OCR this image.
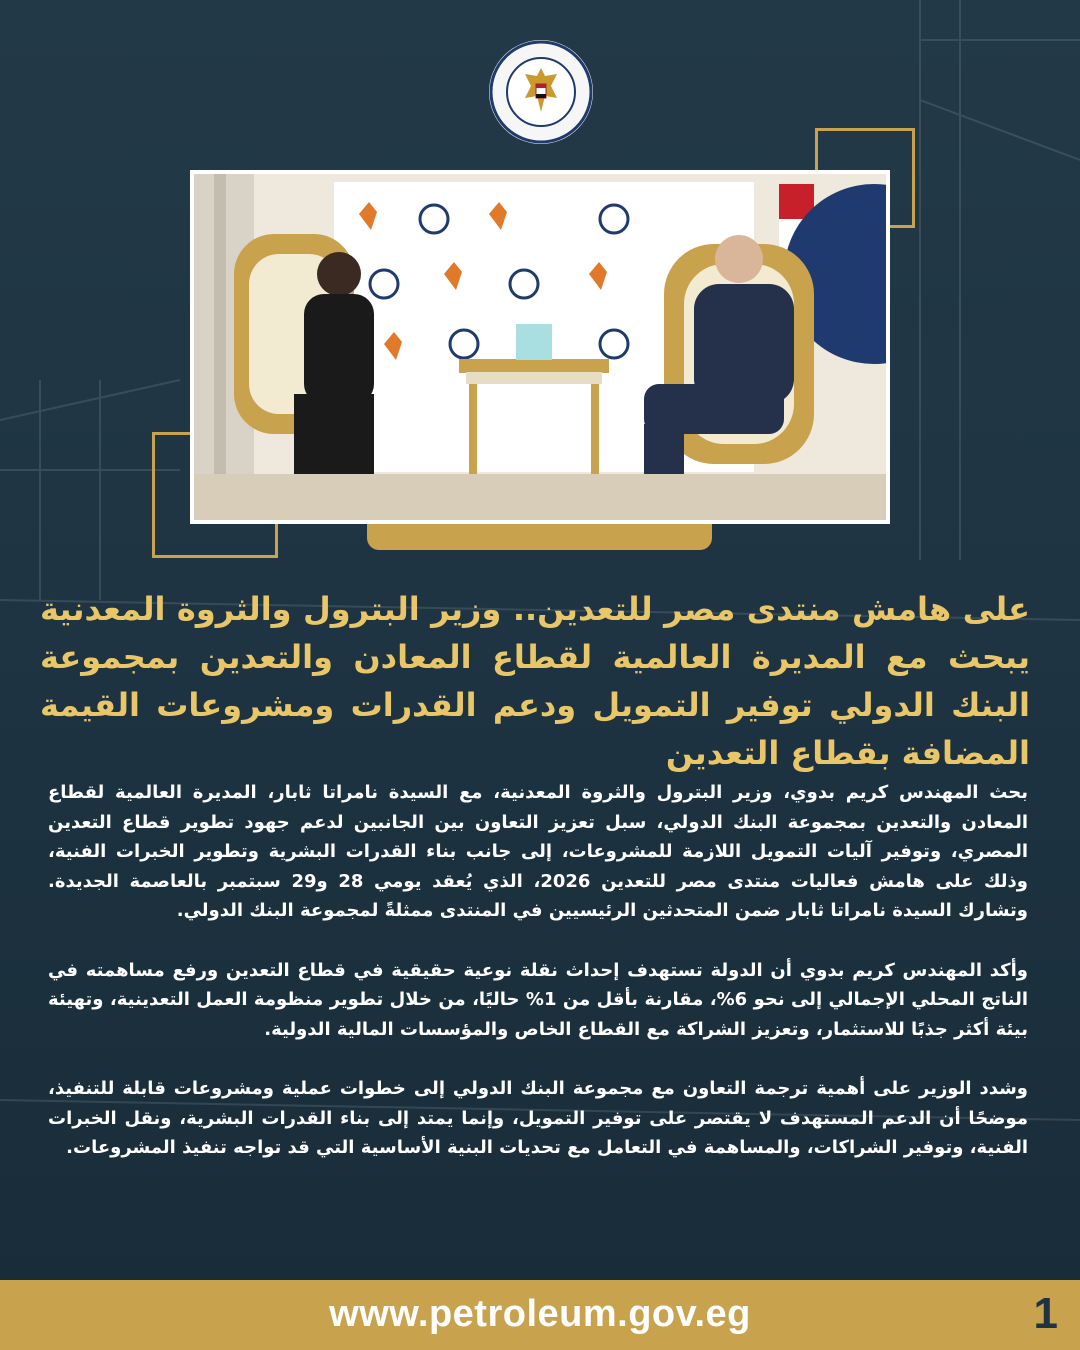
على هامش منتدى مصر للتعدين.. وزير البترول والثروة المعدنية يبحث مع المديرة العالمية لقطاع المعادن والتعدين بمجموعة البنك الدولي توفير التمويل ودعم القدرات ومشروعات القيمة المضافة بقطاع التعدين

بحث المهندس كريم بدوي، وزير البترول والثروة المعدنية، مع السيدة نامراتا ثابار، المديرة العالمية لقطاع المعادن والتعدين بمجموعة البنك الدولي، سبل تعزيز التعاون بين الجانبين لدعم جهود تطوير قطاع التعدين المصري، وتوفير آليات التمويل اللازمة للمشروعات، إلى جانب بناء القدرات البشرية وتطوير الخبرات الفنية، وذلك على هامش فعاليات منتدى مصر للتعدين 2026، الذي يُعقد يومي 28 و29 سبتمبر بالعاصمة الجديدة. وتشارك السيدة نامراتا ثابار ضمن المتحدثين الرئيسيين في المنتدى ممثلةً لمجموعة البنك الدولي.

وأكد المهندس كريم بدوي أن الدولة تستهدف إحداث نقلة نوعية حقيقية في قطاع التعدين ورفع مساهمته في الناتج المحلي الإجمالي إلى نحو 6%، مقارنة بأقل من 1% حاليًا، من خلال تطوير منظومة العمل التعدينية، وتهيئة بيئة أكثر جذبًا للاستثمار، وتعزيز الشراكة مع القطاع الخاص والمؤسسات المالية الدولية.

وشدد الوزير على أهمية ترجمة التعاون مع مجموعة البنك الدولي إلى خطوات عملية ومشروعات قابلة للتنفيذ، موضحًا أن الدعم المستهدف لا يقتصر على توفير التمويل، وإنما يمتد إلى بناء القدرات البشرية، ونقل الخبرات الفنية، وتوفير الشراكات، والمساهمة في التعامل مع تحديات البنية الأساسية التي قد تواجه تنفيذ المشروعات.

www.petroleum.gov.eg	1
